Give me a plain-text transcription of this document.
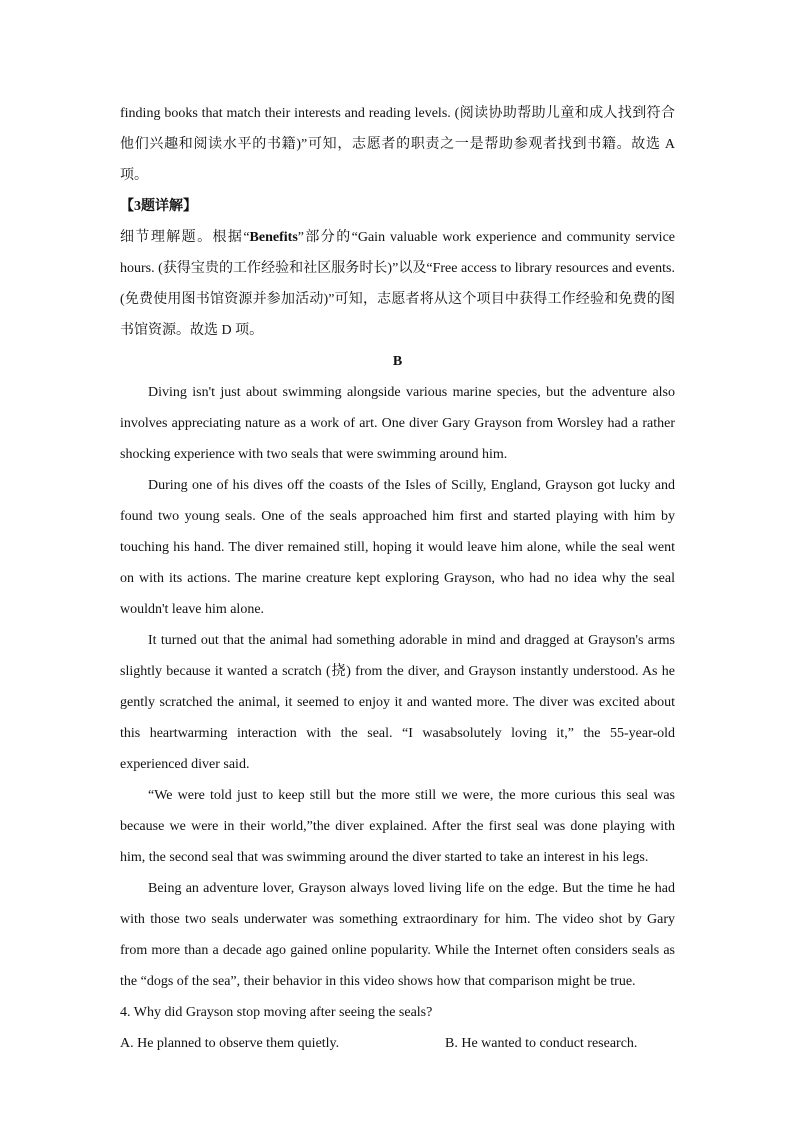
finding books that match their interests and reading levels. (阅读协助帮助儿童和成人找到符合他们兴趣和阅读水平的书籍)”可知，志愿者的职责之一是帮助参观者找到书籍。故选 A 项。

【3题详解】

细节理解题。根据“Benefits”部分的“Gain valuable work experience and community service hours. (获得宝贵的工作经验和社区服务时长)”以及“Free access to library resources and events. (免费使用图书馆资源并参加活动)”可知，志愿者将从这个项目中获得工作经验和免费的图书馆资源。故选 D 项。

B

Diving isn't just about swimming alongside various marine species, but the adventure also involves appreciating nature as a work of art. One diver Gary Grayson from Worsley had a rather shocking experience with two seals that were swimming around him.

During one of his dives off the coasts of the Isles of Scilly, England, Grayson got lucky and found two young seals. One of the seals approached him first and started playing with him by touching his hand. The diver remained still, hoping it would leave him alone, while the seal went on with its actions. The marine creature kept exploring Grayson, who had no idea why the seal wouldn't leave him alone.

It turned out that the animal had something adorable in mind and dragged at Grayson's arms slightly because it wanted a scratch (挠) from the diver, and Grayson instantly understood. As he gently scratched the animal, it seemed to enjoy it and wanted more. The diver was excited about this heartwarming interaction with the seal. “I wasabsolutely loving it,” the 55-year-old experienced diver said.

“We were told just to keep still but the more still we were, the more curious this seal was because we were in their world,”the diver explained. After the first seal was done playing with him, the second seal that was swimming around the diver started to take an interest in his legs.

Being an adventure lover, Grayson always loved living life on the edge. But the time he had with those two seals underwater was something extraordinary for him. The video shot by Gary from more than a decade ago gained online popularity. While the Internet often considers seals as the “dogs of the sea”, their behavior in this video shows how that comparison might be true.

4. Why did Grayson stop moving after seeing the seals?

A. He planned to observe them quietly.	B. He wanted to conduct research.
